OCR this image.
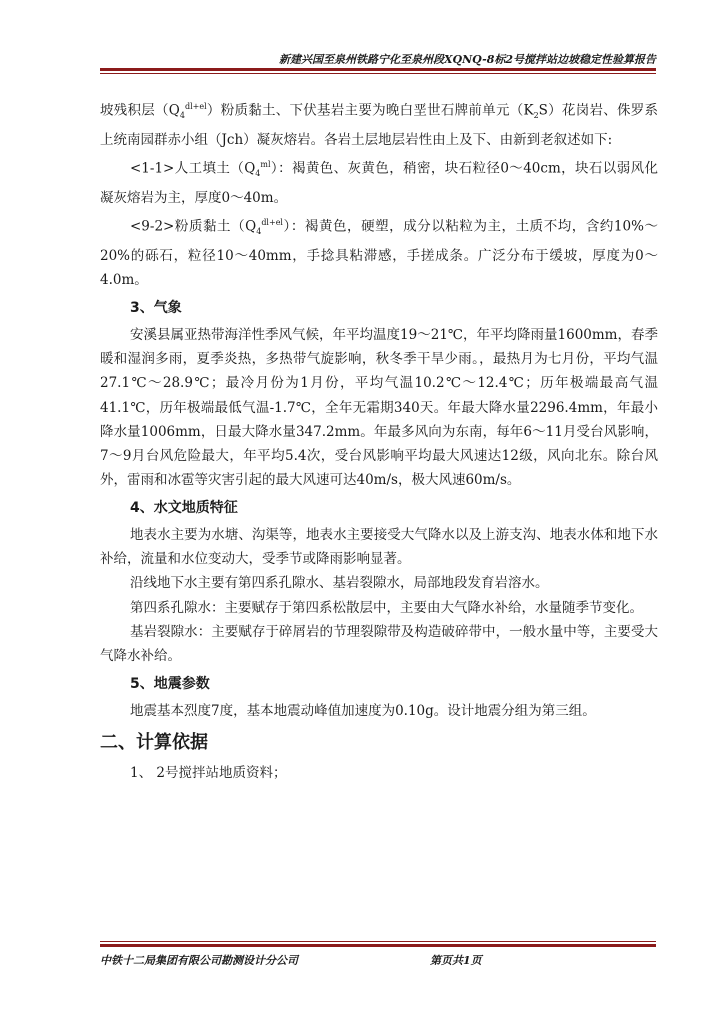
新建兴国至泉州铁路宁化至泉州段XQNQ-8标2号搅拌站边坡稳定性验算报告

坡残积层$(Q_4^{dl+el})$粉质黏土、下伏基岩主要为晚白垩世石牌前单元$(K_2S)$花岗岩、侏罗系上统南园群赤小组（Jch）凝灰熔岩。各岩土层地层岩性由上及下、由新到老叙述如下:

<1-1>人工填土$(Q_4^{ml})$：褐黄色、灰黄色，稍密，块石粒径0～40cm，块石以弱风化凝灰熔岩为主，厚度0～40m。

<9-2>粉质黏土$(Q_4^{dl+el})$：褐黄色，硬塑，成分以粘粒为主，土质不均，含约10%～20%的砾石，粒径10～40mm，手捻具粘滞感，手搓成条。广泛分布于缓坡，厚度为0～4.0m。

3、气象

安溪县属亚热带海洋性季风气候，年平均温度19～21℃，年平均降雨量1600mm，春季暖和湿润多雨，夏季炎热，多热带气旋影响，秋冬季干旱少雨。，最热月为七月份，平均气温27.1℃～28.9℃；最冷月份为1月份，平均气温10.2℃～12.4℃；历年极端最高气温41.1℃，历年极端最低气温-1.7℃，全年无霜期340天。年最大降水量2296.4mm，年最小降水量1006mm，日最大降水量347.2mm。年最多风向为东南，每年6～11月受台风影响，7～9月台风危险最大，年平均5.4次，受台风影响平均最大风速达12级，风向北东。除台风外，雷雨和冰雹等灾害引起的最大风速可达40m/s，极大风速60m/s。

4、水文地质特征

地表水主要为水塘、沟渠等，地表水主要接受大气降水以及上游支沟、地表水体和地下水补给，流量和水位变动大，受季节或降雨影响显著。

沿线地下水主要有第四系孔隙水、基岩裂隙水，局部地段发育岩溶水。

第四系孔隙水：主要赋存于第四系松散层中，主要由大气降水补给，水量随季节变化。

基岩裂隙水：主要赋存于碎屑岩的节理裂隙带及构造破碎带中，一般水量中等，主要受大气降水补给。

5、地震参数

地震基本烈度7度，基本地震动峰值加速度为0.10g。设计地震分组为第三组。

二、计算依据

1、 2号搅拌站地质资料；

中铁十二局集团有限公司勘测设计分公司	第页共1页
